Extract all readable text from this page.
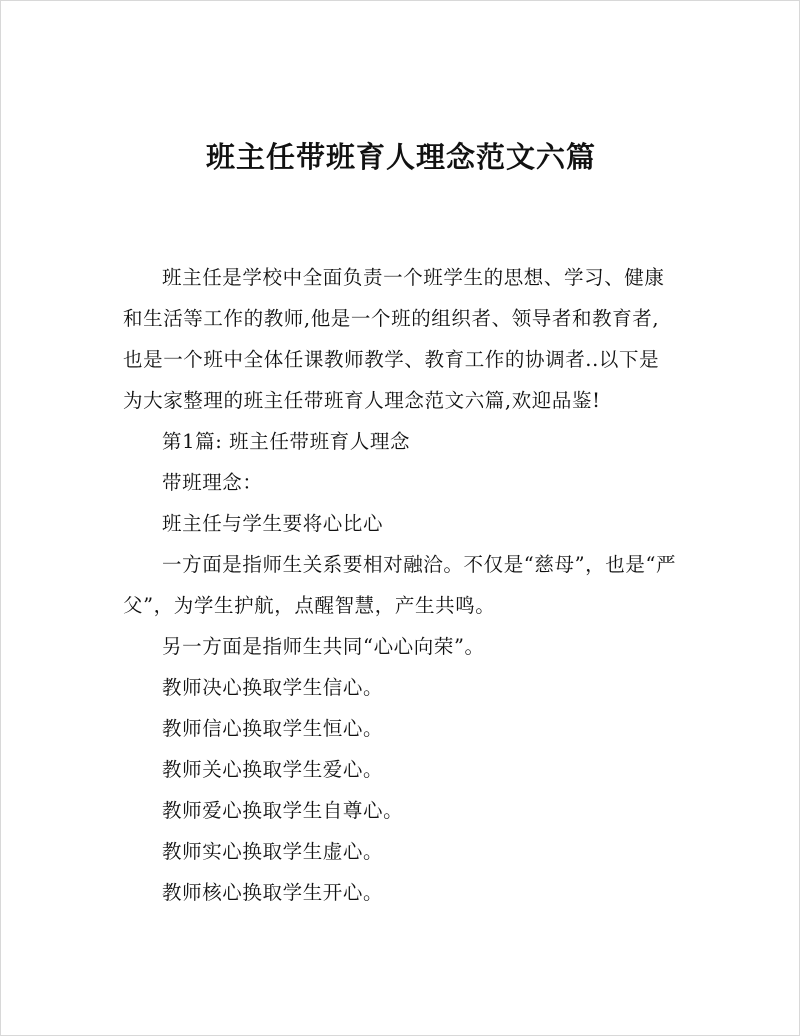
班主任带班育人理念范文六篇

班主任是学校中全面负责一个班学生的思想、学习、健康和生活等工作的教师,他是一个班的组织者、领导者和教育者,也是一个班中全体任课教师教学、教育工作的协调者..以下是为大家整理的班主任带班育人理念范文六篇,欢迎品鉴!

第1篇: 班主任带班育人理念

带班理念：

班主任与学生要将心比心

一方面是指师生关系要相对融洽。不仅是“慈母”，也是“严父”，为学生护航，点醒智慧，产生共鸣。

另一方面是指师生共同“心心向荣”。

教师决心换取学生信心。

教师信心换取学生恒心。

教师关心换取学生爱心。

教师爱心换取学生自尊心。

教师实心换取学生虚心。

教师核心换取学生开心。
